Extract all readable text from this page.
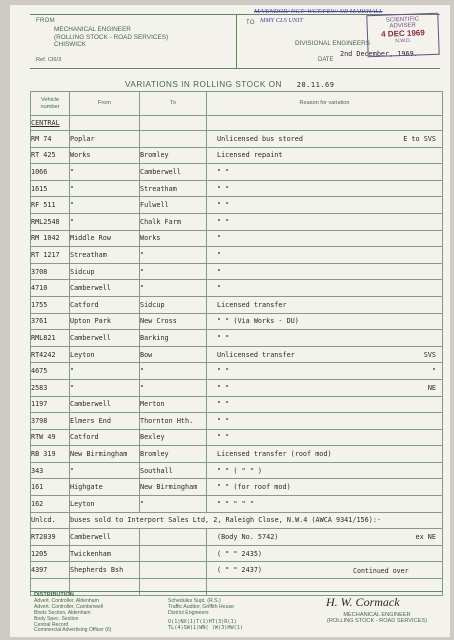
FROM
MECHANICAL ENGINEER
(ROLLING STOCK - ROAD SERVICES)
CHISWICK
Ref. CI6/3
TO
DIVISIONAL ENGINEERS
DATE
2nd December, 1969.
M/VENDOR/ NGT/ WCT/FEW/ NR MARSHALL
MMY CLS UNIT	SCIENTIFIC
ADVISER
4 DEC 1969
N.W.D.
VARIATIONS IN ROLLING STOCK ON 28.11.69
Vehicle number	From	To	Reason for variation
CENTRAL			
RM 74	Poplar		Unlicensed bus stored E to SVS

RT 425	Works	Bromley	Licensed repaint

1066	"	Camberwell	" "

1615	"	Streatham	" "

RF 511	"	Fulwell	" "

RML2548	"	Chalk Farm	" "

RM 1042	Middle Row	Works	"

RT 1217	Streatham	"	"

3708	Sidcup	"	"

4710	Camberwell	"	"

1755	Catford	Sidcup	Licensed transfer

3761	Upton Park	New Cross	" " (Via Works - DU)

RML821	Camberwell	Barking	" "

RT4242	Leyton	Bow	Unlicensed transfer SVS

4675	"	"	" " "

2583	"	"	" " NE

1197	Camberwell	Merton	" "

3798	Elmers End	Thornton Hth.	" "

RTW 49	Catford	Bexley	" "

RB 319	New Birmingham	Bromley	Licensed transfer (roof mod)

343	"	Southall	" " ( " " )

161	Highgate	New Birmingham	" " (for roof mod)

162	Leyton	"	" " " " "

Unlcd.	buses sold to Interport Sales Ltd, 2, Raleigh Close, N.W.4 (AWCA 9341/156):-		
RT2839	Camberwell		(Body No. 5742) ex NE

1205	Twickenham		( " " 2435)

4397	Shepherds Bsh		( " " 2437)

				Continued over
DISTRIBUTION
Advert. Controller, Aldenham
Advert. Controller, Camberwell
Binds Section, Aldenham
Body Spec. Section
Central Record
Commercial Advertising Officer (6)
Schedules Supt. (R.S.)
Traffic Auditor, Griffith House
District Engineers
O(1)NX(1)T(1)HT(3)R(1)
TL(4)SW(1)WN( )W(3)HW(1)
H. W. Cormack
MECHANICAL ENGINEER
(ROLLING STOCK - ROAD SERVICES)
